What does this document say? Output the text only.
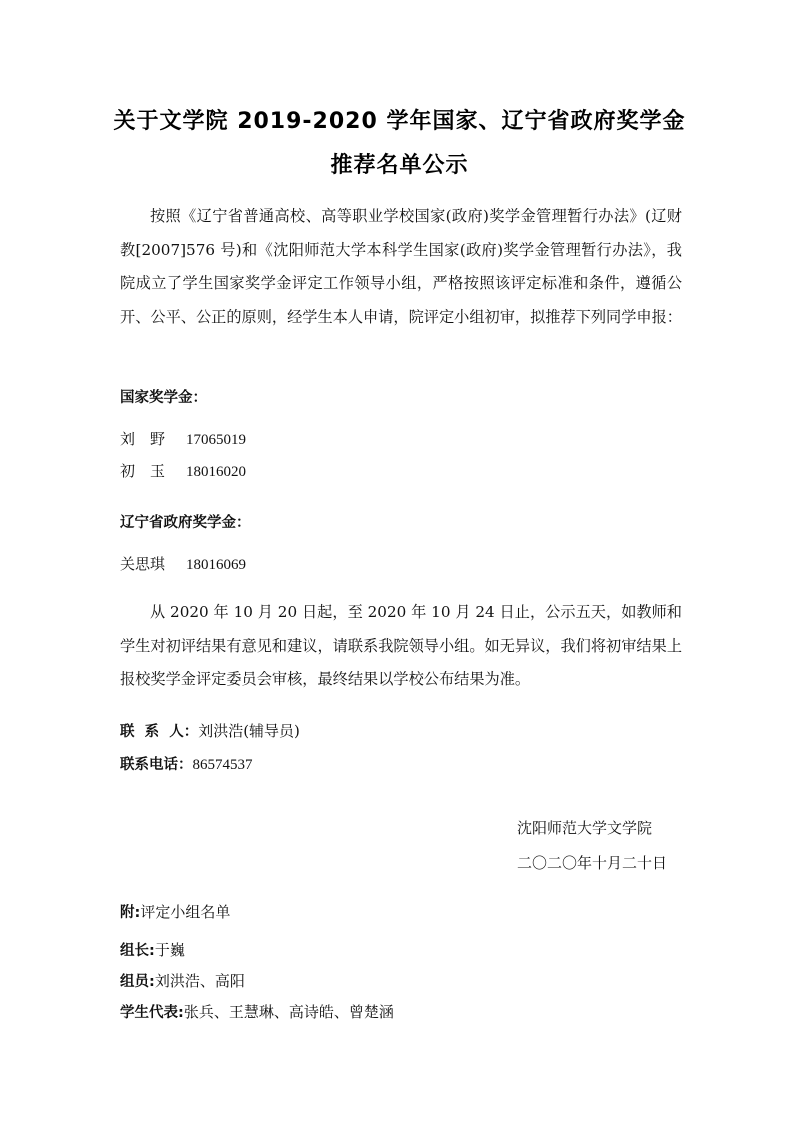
关于文学院 2019-2020 学年国家、辽宁省政府奖学金
推荐名单公示

按照《辽宁省普通高校、高等职业学校国家(政府)奖学金管理暂行办法》(辽财教[2007]576 号)和《沈阳师范大学本科学生国家(政府)奖学金管理暂行办法》，我院成立了学生国家奖学金评定工作领导小组，严格按照该评定标准和条件，遵循公开、公平、公正的原则，经学生本人申请，院评定小组初审，拟推荐下列同学申报：

国家奖学金：
刘　野 17065019
初　玉 18016020
辽宁省政府奖学金：
关思琪 18016069

从 2020 年 10 月 20 日起，至 2020 年 10 月 24 日止，公示五天，如教师和学生对初评结果有意见和建议，请联系我院领导小组。如无异议，我们将初审结果上报校奖学金评定委员会审核，最终结果以学校公布结果为准。

联  系  人：刘洪浩(辅导员)
联系电话：86574537
沈阳师范大学文学院
二〇二〇年十月二十日
附:评定小组名单
组长:于巍
组员:刘洪浩、高阳
学生代表:张兵、王慧琳、高诗皓、曾楚涵
